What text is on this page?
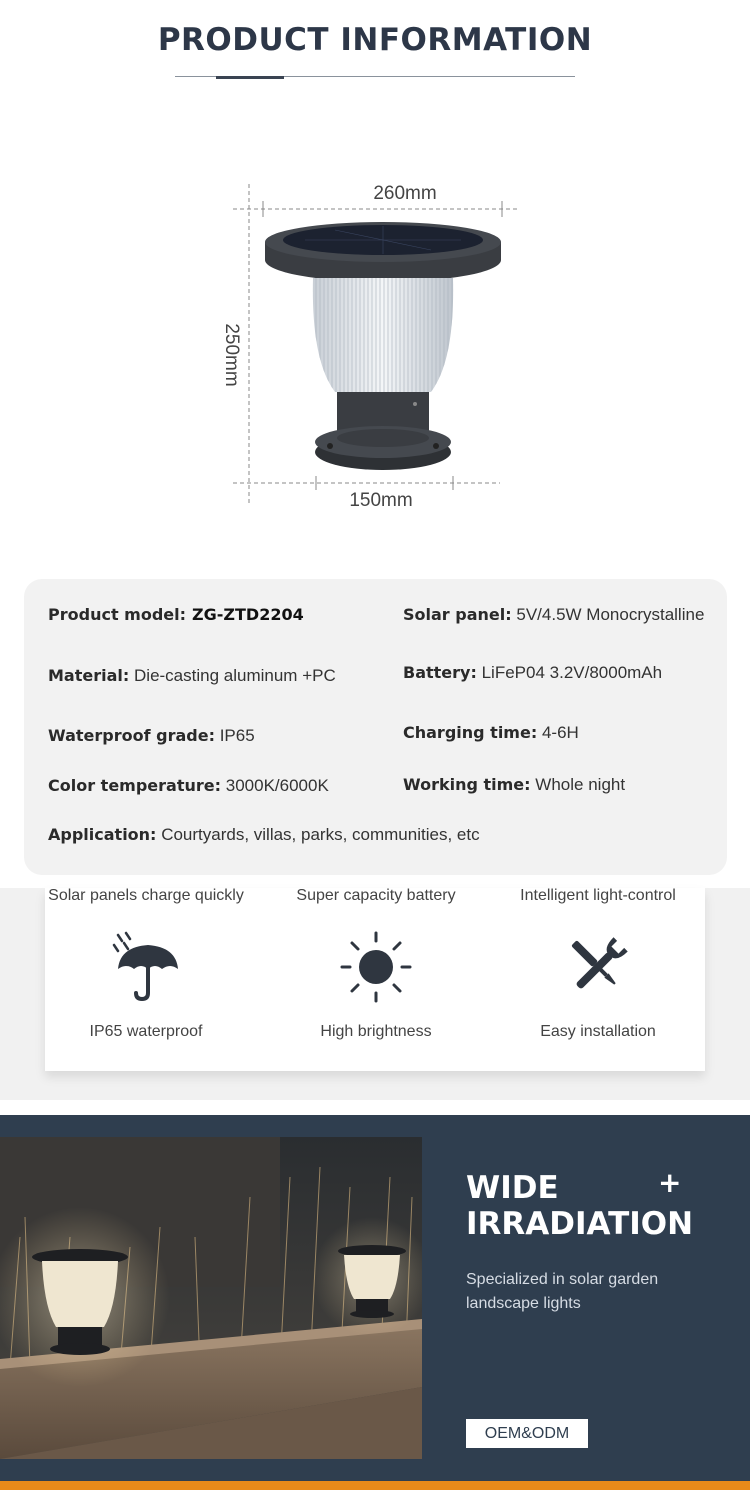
PRODUCT INFORMATION
260mm
150mm
250mm
Product model: ZG-ZTD2204
Material: Die-casting aluminum +PC
Waterproof grade: IP65
Color temperature: 3000K/6000K
Application: Courtyards, villas, parks, communities, etc
Solar panel: 5V/4.5W Monocrystalline
Battery: LiFeP04 3.2V/8000mAh
Charging time: 4-6H
Working time: Whole night
Solar panels charge quickly
IP65 waterproof
Super capacity battery
High brightness
Intelligent light-control
Easy installation
WIDE
IRRADIATION
+
Specialized in solar garden landscape lights
OEM&ODM
